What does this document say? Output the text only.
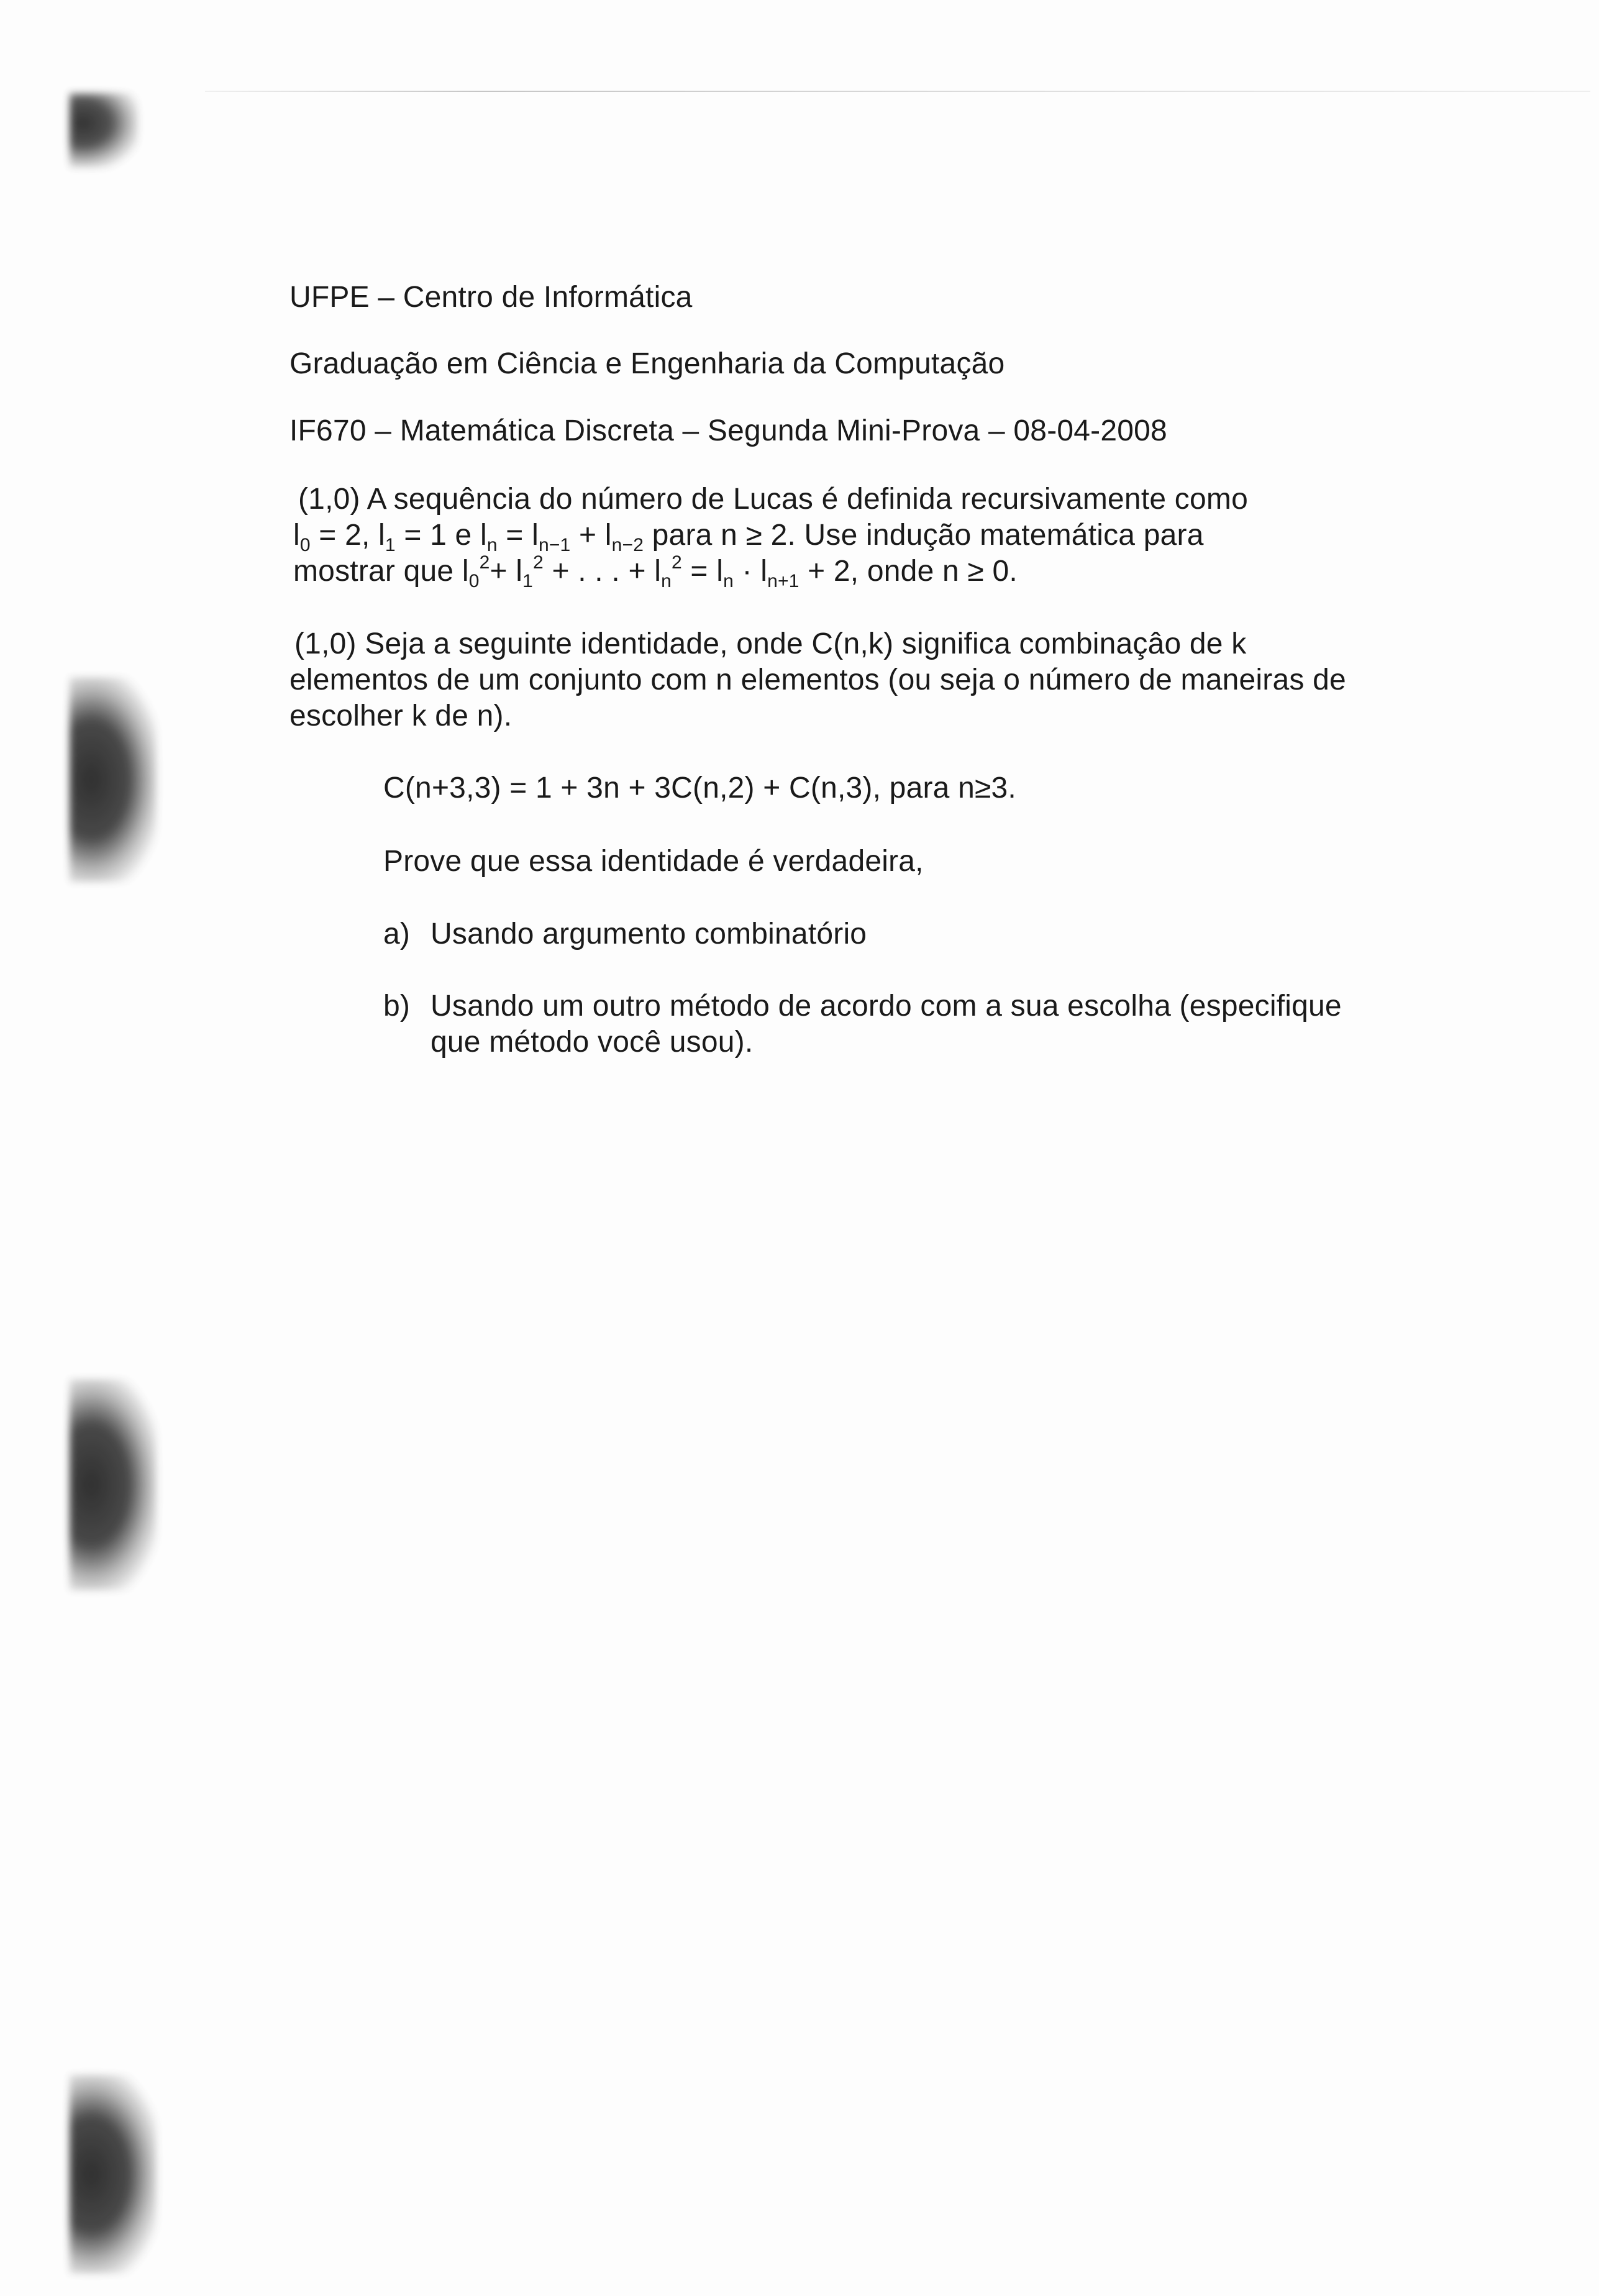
UFPE – Centro de Informática
Graduação em Ciência e Engenharia da Computação
IF670 – Matemática Discreta – Segunda Mini-Prova – 08-04-2008
(1,0) A sequência do número de Lucas é definida recursivamente como
$l_0 = 2$, $l_1 = 1$ e $l_n = l_{n-1} + l_{n-2}$ para n ≥ 2. Use indução matemática para
mostrar que $l_0^2+ l_1^2$ + . . . + $l_n^2 = l_n \cdot l_{n+1} + 2$, onde n ≥ 0.
(1,0) Seja a seguinte identidade, onde C(n,k) significa combinaçâo de k
elementos de um conjunto com n elementos (ou seja o número de maneiras de
escolher k de n).
C(n+3,3) = 1 + 3n + 3C(n,2) + C(n,3), para n≥3.
Prove que essa identidade é verdadeira,
a) Usando argumento combinatório
b) Usando um outro método de acordo com a sua escolha (especifique
que método você usou).
